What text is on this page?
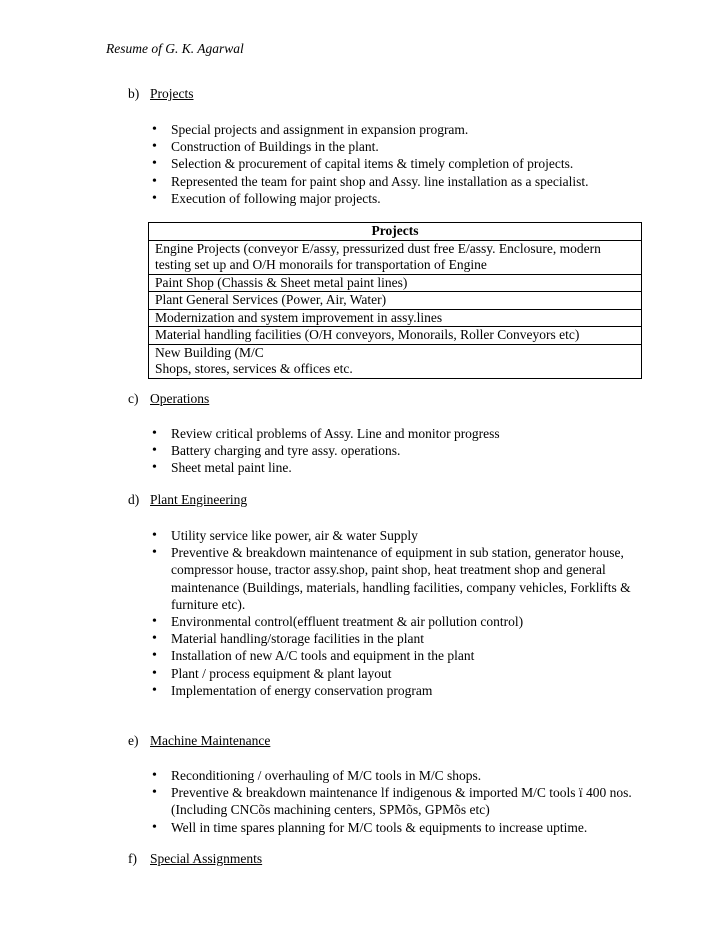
Resume of G. K. Agarwal
b) Projects
• Special projects and assignment in expansion program.
• Construction of Buildings in the plant.
• Selection & procurement of capital items & timely completion of projects.
• Represented the team for paint shop and Assy. line installation as a specialist.
• Execution of following major projects.
Projects
Engine Projects (conveyor E/assy, pressurized dust free E/assy. Enclosure, modern testing set up and O/H monorails for transportation of Engine
Paint Shop (Chassis & Sheet metal paint lines)
Plant General Services (Power, Air, Water)
Modernization and system improvement in assy.lines
Material handling facilities (O/H conveyors, Monorails, Roller Conveyors etc)
New Building (M/C
Shops, stores, services & offices etc.
c) Operations
• Review critical problems of Assy. Line and monitor progress
• Battery charging and tyre assy. operations.
• Sheet metal paint line.
d) Plant Engineering
• Utility service like power, air & water Supply
• Preventive & breakdown maintenance of equipment in sub station, generator house, compressor house, tractor assy.shop, paint shop, heat treatment shop and general maintenance (Buildings, materials, handling facilities, company vehicles, Forklifts & furniture etc).
• Environmental control(effluent treatment & air pollution control)
• Material handling/storage facilities in the plant
• Installation of new A/C tools and equipment in the plant
• Plant / process equipment & plant layout
• Implementation of energy conservation program
e) Machine Maintenance
• Reconditioning / overhauling of M/C tools in M/C shops.
• Preventive & breakdown maintenance lf indigenous & imported M/C tools ï 400 nos. (Including CNCõs machining centers, SPMõs, GPMõs etc)
• Well in time spares planning for M/C tools & equipments to increase uptime.
f) Special Assignments
